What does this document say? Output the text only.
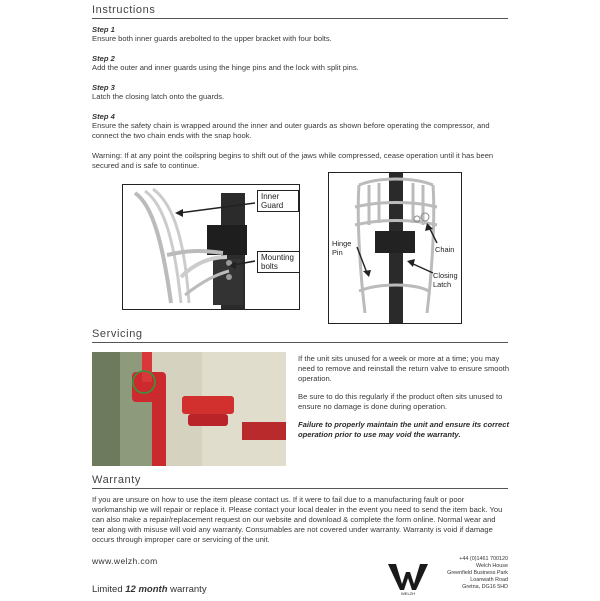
Instructions
Step 1
Ensure both inner guards arebolted to the upper bracket with four bolts.
Step 2
Add the outer and inner guards using the hinge pins and the lock with split pins.
Step 3
Latch the closing latch onto the guards.
Step 4
Ensure the safety chain is wrapped around the inner and outer guards as shown before operating the compressor, and connect the two chain ends with the snap hook.
Warning: If at any point the coilspring begins to shift out of the jaws while compressed, cease operation until it has been secured and is safe to continue.
Inner Guard
Mounting bolts
Hinge Pin	Chain
Closing Latch
Servicing
If the unit sits unused for a week or more at a time; you may need to remove and reinstall the return valve to ensure smooth operation.
Be sure to do this regularly if the product often sits unused to ensure no damage is done during operation.
Failure to properly maintain the unit and ensure its correct operation prior to use may void the warranty.
Warranty
If you are unsure on how to use the item please contact us. If it were to fail due to a manufacturing fault or poor workmanship we will repair or replace it. Please contact your local dealer in the event you need to send the item back. You can also make a repair/replacement request on our website and download & complete the form online. Normal wear and tear along with misuse will void any warranty. Consumables are not covered under warranty. Warranty is void if damage occurs through improper care or servicing of the unit.
www.welzh.com
Limited 12 month warranty	WELZH
+44 (0)1461 700120
Welch House
Greenfield Business Park
Loanwath Road
Gretna, DG16 5HD
